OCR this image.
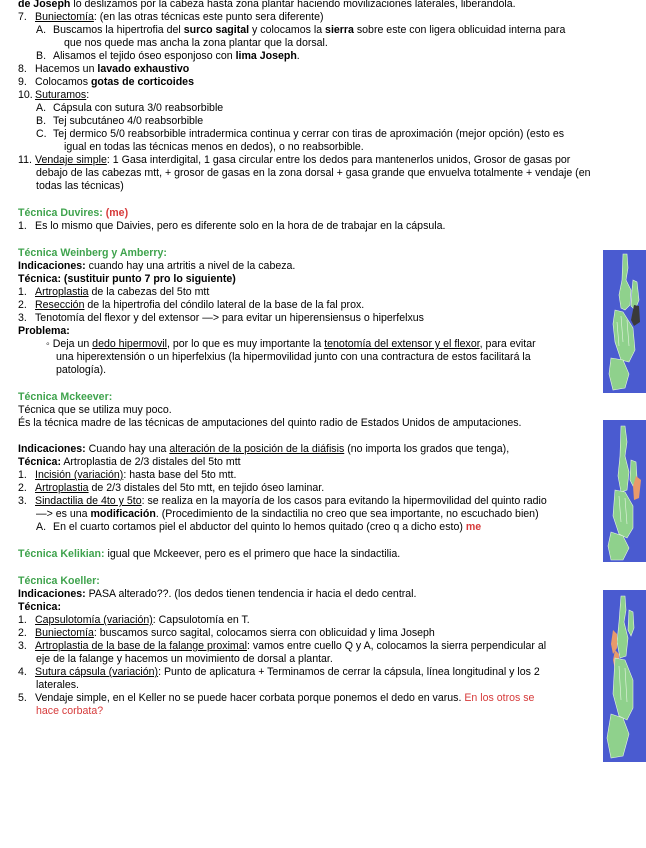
de Joseph lo deslizamos por la cabeza hasta zona plantar haciendo movilizaciones laterales, liberandola.
7. Buniectomía: (en las otras técnicas este punto sera diferente)
A. Buscamos la hipertrofia del surco sagital y colocamos la sierra sobre este con ligera oblicuidad interna para
que nos quede mas ancha la zona plantar que la dorsal.
B. Alisamos el tejido óseo esponjoso con lima Joseph.
8. Hacemos un lavado exhaustivo
9. Colocamos gotas de corticoides
10. Suturamos:
A. Cápsula con sutura 3/0 reabsorbible
B. Tej subcutáneo 4/0 reabsorbible
C. Tej dermico 5/0 reabsorbible intradermica continua y cerrar con tiras de aproximación (mejor opción) (esto es
igual en todas las técnicas menos en dedos), o no reabsorbible.
11. Vendaje simple: 1 Gasa interdigital, 1 gasa circular entre los dedos para mantenerlos unidos, Grosor de gasas por
debajo de las cabezas mtt, + grosor de gasas en la zona dorsal + gasa grande que envuelva totalmente + vendaje (en
todas las técnicas)
Técnica Duvires: (me)
1. Es lo mismo que Daivies, pero es diferente solo en la hora de de trabajar en la cápsula.
Técnica Weinberg y Amberry:
Indicaciones: cuando hay una artritis a nivel de la cabeza.
Técnica: (sustituir punto 7 pro lo siguiente)
1. Artroplastia de la cabezas del 5to mtt
2. Resección de la hipertrofia del cóndilo lateral de la base de la fal prox.
3. Tenotomía del flexor y del extensor —> para evitar un hiperensiensus o hiperfelxus
Problema:
◦ Deja un dedo hipermovil, por lo que es muy importante la tenotomía del extensor y el flexor, para evitar
una hiperextensión o un hiperfelxius (la hipermovilidad junto con una contractura de estos facilitará la
patología).
Técnica Mckeever:
Técnica que se utiliza muy poco.
És la técnica madre de las técnicas de amputaciones del quinto radio de Estados Unidos de amputaciones.
Indicaciones: Cuando hay una alteración de la posición de la diáfisis (no importa los grados que tenga),
Técnica: Artroplastia de 2/3 distales del 5to mtt
1. Incisión (variación): hasta base del 5to mtt.
2. Artroplastia de 2/3 distales del 5to mtt, en tejido óseo laminar.
3. Sindactilia de 4to y 5to: se realiza en la mayoría de los casos para evitando la hipermovilidad del quinto radio
—> es una modificación. (Procedimiento de la sindactilia no creo que sea importante, no escuchado bien)
A. En el cuarto cortamos piel el abductor del quinto lo hemos quitado (creo q a dicho esto) me
Técnica Kelikian: igual que Mckeever, pero es el primero que hace la sindactilia.
Técnica Koeller:
Indicaciones: PASA alterado??. (los dedos tienen tendencia ir hacia el dedo central.
Técnica:
1. Capsulotomía (variación): Capsulotomía en T.
2. Buniectomía: buscamos surco sagital, colocamos sierra con oblicuidad y lima Joseph
3. Artroplastia de la base de la falange proximal: vamos entre cuello Q y A, colocamos la sierra perpendicular al
eje de la falange y hacemos un movimiento de dorsal a plantar.
4. Sutura cápsula (variación): Punto de aplicatura + Terminamos de cerrar la cápsula, línea longitudinal y los 2
laterales.
5. Vendaje simple, en el Keller no se puede hacer corbata porque ponemos el dedo en varus. En los otros se
hace corbata?
